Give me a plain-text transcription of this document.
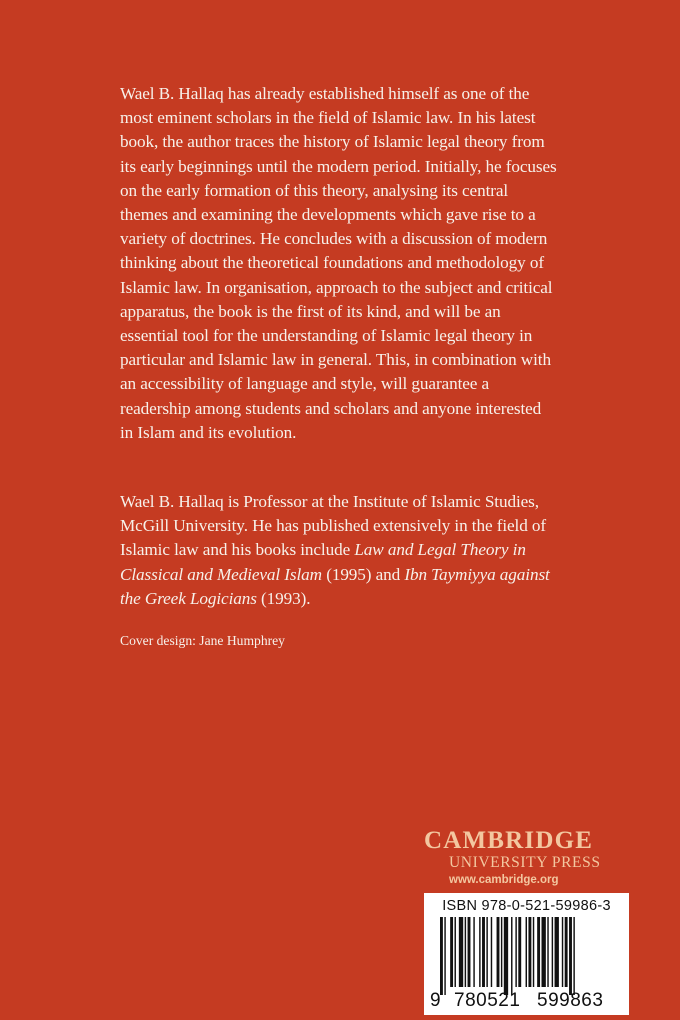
Wael B. Hallaq has already established himself as one of the most eminent scholars in the field of Islamic law. In his latest book, the author traces the history of Islamic legal theory from its early beginnings until the modern period. Initially, he focuses on the early formation of this theory, analysing its central themes and examining the developments which gave rise to a variety of doctrines. He concludes with a discussion of modern thinking about the theoretical foundations and methodology of Islamic law. In organisation, approach to the subject and critical apparatus, the book is the first of its kind, and will be an essential tool for the understanding of Islamic legal theory in particular and Islamic law in general. This, in combination with an accessibility of language and style, will guarantee a readership among students and scholars and anyone interested in Islam and its evolution.

Wael B. Hallaq is Professor at the Institute of Islamic Studies, McGill University. He has published extensively in the field of Islamic law and his books include Law and Legal Theory in Classical and Medieval Islam (1995) and Ibn Taymiyya against the Greek Logicians (1993).

Cover design: Jane Humphrey
CAMBRIDGE
UNIVERSITY PRESS
www.cambridge.org
ISBN 978-0-521-59986-3
9 780521 599863
